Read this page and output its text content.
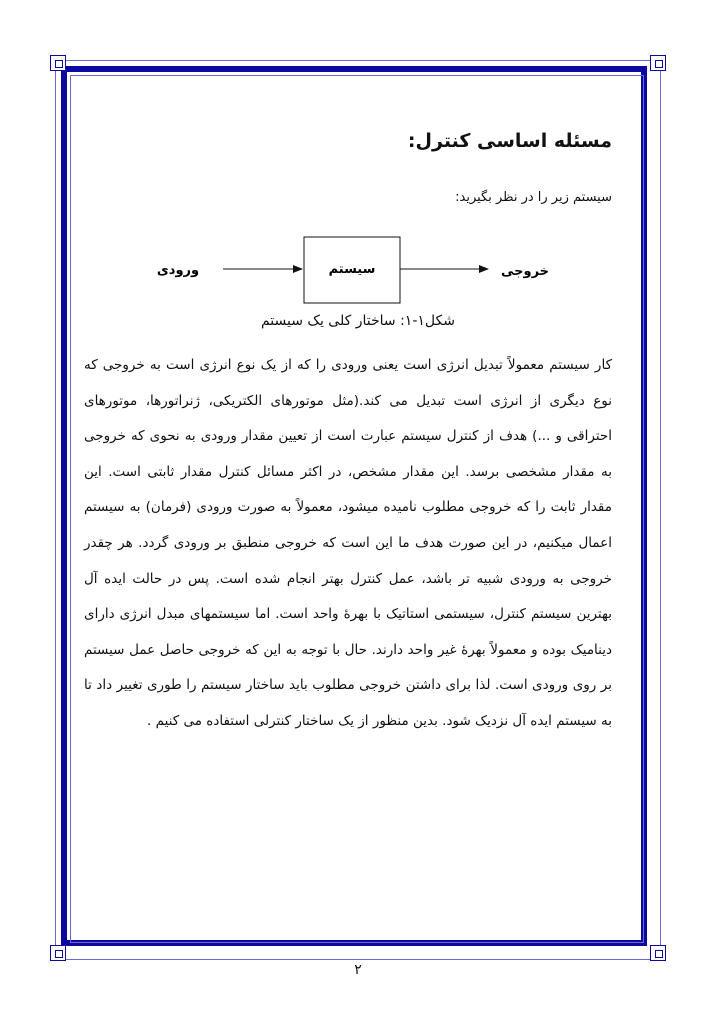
مسئله اساسی کنترل:
سیستم زیر را در نظر بگیرید:
ورودی	سیستم	خروجی
شکل۱-۱: ساختار کلی یک سیستم

کار سیستم معمولاً تبدیل انرژی است یعنی ورودی را که از یک نوع انرژی است به خروجی که نوع دیگری از انرژی است تبدیل می کند.(مثل موتورهای الکتریکی، ژنراتورها، موتورهای احتراقی و ...) هدف از کنترل سیستم عبارت است از تعیین مقدار ورودی به نحوی که خروجی به مقدار مشخصی برسد. این مقدار مشخص، در اکثر مسائل کنترل مقدار ثابتی است. این مقدار ثابت را که خروجی مطلوب نامیده میشود، معمولاً به صورت ورودی (فرمان) به سیستم اعمال میکنیم، در این صورت هدف ما این است که خروجی منطبق بر ورودی گردد. هر چقدر خروجی به ورودی شبیه تر باشد، عمل کنترل بهتر انجام شده است. پس در حالت ایده آل بهترین سیستم کنترل، سیستمی استاتیک با بهرهٔ واحد است. اما سیستمهای مبدل انرژی دارای دینامیک بوده و معمولاً بهرهٔ غیر واحد دارند. حال با توجه به این که خروجی حاصل عمل سیستم بر روی ورودی است. لذا برای داشتن خروجی مطلوب باید ساختار سیستم را طوری تغییر داد تا به سیستم ایده آل نزدیک شود. بدین منظور از یک ساختار کنترلی استفاده می کنیم .

۲
